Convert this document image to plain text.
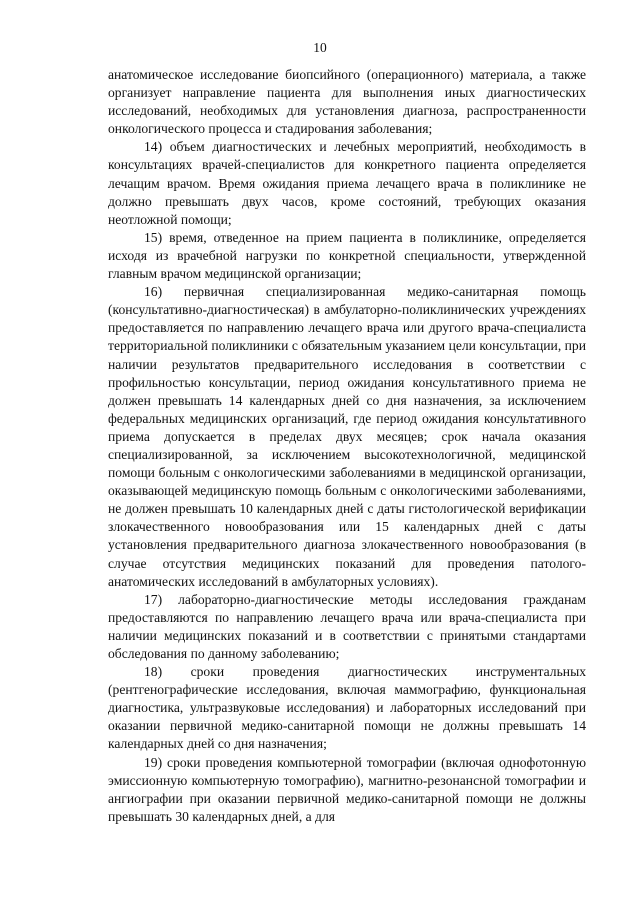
10

анатомическое исследование биопсийного (операционного) материала, а также организует направление пациента для выполнения иных диагностических исследований, необходимых для установления диагноза, распространенности онкологического процесса и стадирования заболевания;

14) объем диагностических и лечебных мероприятий, необходимость в консультациях врачей-специалистов для конкретного пациента определяется лечащим врачом. Время ожидания приема лечащего врача в поликлинике не должно превышать двух часов, кроме состояний, требующих оказания неотложной помощи;

15) время, отведенное на прием пациента в поликлинике, определяется исходя из врачебной нагрузки по конкретной специальности, утвержденной главным врачом медицинской организации;

16) первичная специализированная медико-санитарная помощь (консультативно-диагностическая) в амбулаторно-поликлинических учреждениях предоставляется по направлению лечащего врача или другого врача-специалиста территориальной поликлиники с обязательным указанием цели консультации, при наличии результатов предварительного исследования в соответствии с профильностью консультации, период ожидания консультативного приема не должен превышать 14 календарных дней со дня назначения, за исключением федеральных медицинских организаций, где период ожидания консультативного приема допускается в пределах двух месяцев; срок начала оказания специализированной, за исключением высокотехнологичной, медицинской помощи больным с онкологическими заболеваниями в медицинской организации, оказывающей медицинскую помощь больным с онкологическими заболеваниями, не должен превышать 10 календарных дней с даты гистологической верификации злокачественного новообразования или 15 календарных дней с даты установления предварительного диагноза злокачественного новообразования (в случае отсутствия медицинских показаний для проведения патолого-анатомических исследований в амбулаторных условиях).

17) лабораторно-диагностические методы исследования гражданам предоставляются по направлению лечащего врача или врача-специалиста при наличии медицинских показаний и в соответствии с принятыми стандартами обследования по данному заболеванию;

18) сроки проведения диагностических инструментальных (рентгенографические исследования, включая маммографию, функциональная диагностика, ультразвуковые исследования) и лабораторных исследований при оказании первичной медико-санитарной помощи не должны превышать 14 календарных дней со дня назначения;

19) сроки проведения компьютерной томографии (включая однофотонную эмиссионную компьютерную томографию), магнитно-резонансной томографии и ангиографии при оказании первичной медико-санитарной помощи не должны превышать 30 календарных дней, а для
